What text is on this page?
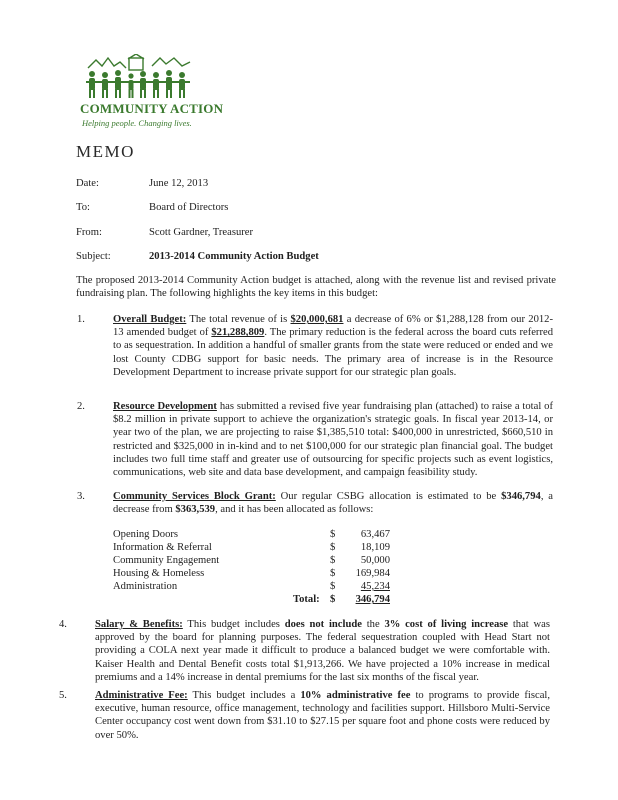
COMMUNITY ACTION
Helping people. Changing lives.
MEMO
Date:	June 12, 2013
To:	Board of Directors
From:	Scott Gardner, Treasurer
Subject:	2013-2014 Community Action Budget
The proposed 2013-2014 Community Action budget is attached, along with the revenue list and revised private fundraising plan. The following highlights the key items in this budget:
1.	Overall Budget: The total revenue of is $20,000,681 a decrease of 6% or $1,288,128 from our 2012-13 amended budget of $21,288,809. The primary reduction is the federal across the board cuts referred to as sequestration. In addition a handful of smaller grants from the state were reduced or ended and we lost County CDBG support for basic needs. The primary area of increase is in the Resource Development Department to increase private support for our strategic plan goals.
2.	Resource Development has submitted a revised five year fundraising plan (attached) to raise a total of $8.2 million in private support to achieve the organization's strategic goals. In fiscal year 2013-14, or year two of the plan, we are projecting to raise $1,385,510 total: $400,000 in unrestricted, $660,510 in restricted and $325,000 in in-kind and to net $100,000 for our strategic plan financial goal. The budget includes two full time staff and greater use of outsourcing for specific projects such as event logistics, communications, web site and data base development, and campaign feasibility study.
3.	Community Services Block Grant: Our regular CSBG allocation is estimated to be $346,794, a decrease from $363,539, and it has been allocated as follows:
Opening Doors	$	63,467
Information & Referral	$	18,109
Community Engagement	$	50,000
Housing & Homeless	$	169,984
Administration	$	45,234
Total: $	346,794
4.	Salary & Benefits: This budget includes does not include the 3% cost of living increase that was approved by the board for planning purposes. The federal sequestration coupled with Head Start not providing a COLA next year made it difficult to produce a balanced budget we were comfortable with. Kaiser Health and Dental Benefit costs total $1,913,266. We have projected a 10% increase in medical premiums and a 14% increase in dental premiums for the last six months of the fiscal year.
5.	Administrative Fee: This budget includes a 10% administrative fee to programs to provide fiscal, executive, human resource, office management, technology and facilities support. Hillsboro Multi-Service Center occupancy cost went down from $31.10 to $27.15 per square foot and phone costs were reduced by over 50%.
